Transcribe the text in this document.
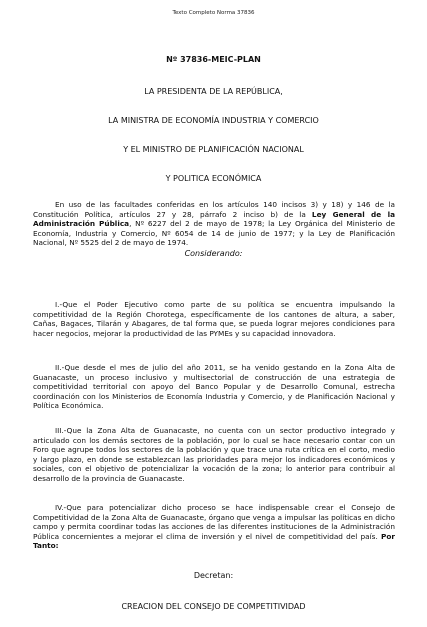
Texto Completo Norma 37836
Nº 37836-MEIC-PLAN
LA PRESIDENTA DE LA REPÚBLICA,
LA MINISTRA DE ECONOMÍA INDUSTRIA Y COMERCIO
Y EL MINISTRO DE PLANIFICACIÓN NACIONAL
Y POLITICA ECONÓMICA
En uso de las facultades conferidas en los artículos 140 incisos 3) y 18) y 146 de la Constitución Política, artículos 27 y 28, párrafo 2 inciso b) de la Ley General de la Administración Pública, Nº 6227 del 2 de mayo de 1978; la Ley Orgánica del Ministerio de Economía, Industria y Comercio, Nº 6054 de 14 de junio de 1977; y la Ley de Planificación Nacional, Nº 5525 del 2 de mayo de 1974.
Considerando:
I.-Que el Poder Ejecutivo como parte de su política se encuentra impulsando la competitividad de la Región Chorotega, específicamente de los cantones de altura, a saber, Cañas, Bagaces, Tilarán y Abagares, de tal forma que, se pueda lograr mejores condiciones para hacer negocios, mejorar la productividad de las PYMEs y su capacidad innovadora.
II.-Que desde el mes de julio del año 2011, se ha venido gestando en la Zona Alta de Guanacaste, un proceso inclusivo y multisectorial de construcción de una estrategia de competitividad territorial con apoyo del Banco Popular y de Desarrollo Comunal, estrecha coordinación con los Ministerios de Economía Industria y Comercio, y de Planificación Nacional y Política Económica.
III.-Que la Zona Alta de Guanacaste, no cuenta con un sector productivo integrado y articulado con los demás sectores de la población, por lo cual se hace necesario contar con un Foro que agrupe todos los sectores de la población y que trace una ruta crítica en el corto, medio y largo plazo, en donde se establezcan las prioridades para mejor los indicadores económicos y sociales, con el objetivo de potencializar la vocación de la zona; lo anterior para contribuir al desarrollo de la provincia de Guanacaste.
IV.-Que para potencializar dicho proceso se hace indispensable crear el Consejo de Competitividad de la Zona Alta de Guanacaste, órgano que venga a impulsar las políticas en dicho campo y permita coordinar todas las acciones de las diferentes instituciones de la Administración Pública concernientes a mejorar el clima de inversión y el nivel de competitividad del país. Por Tanto:
Decretan:
CREACION DEL CONSEJO DE COMPETITIVIDAD
